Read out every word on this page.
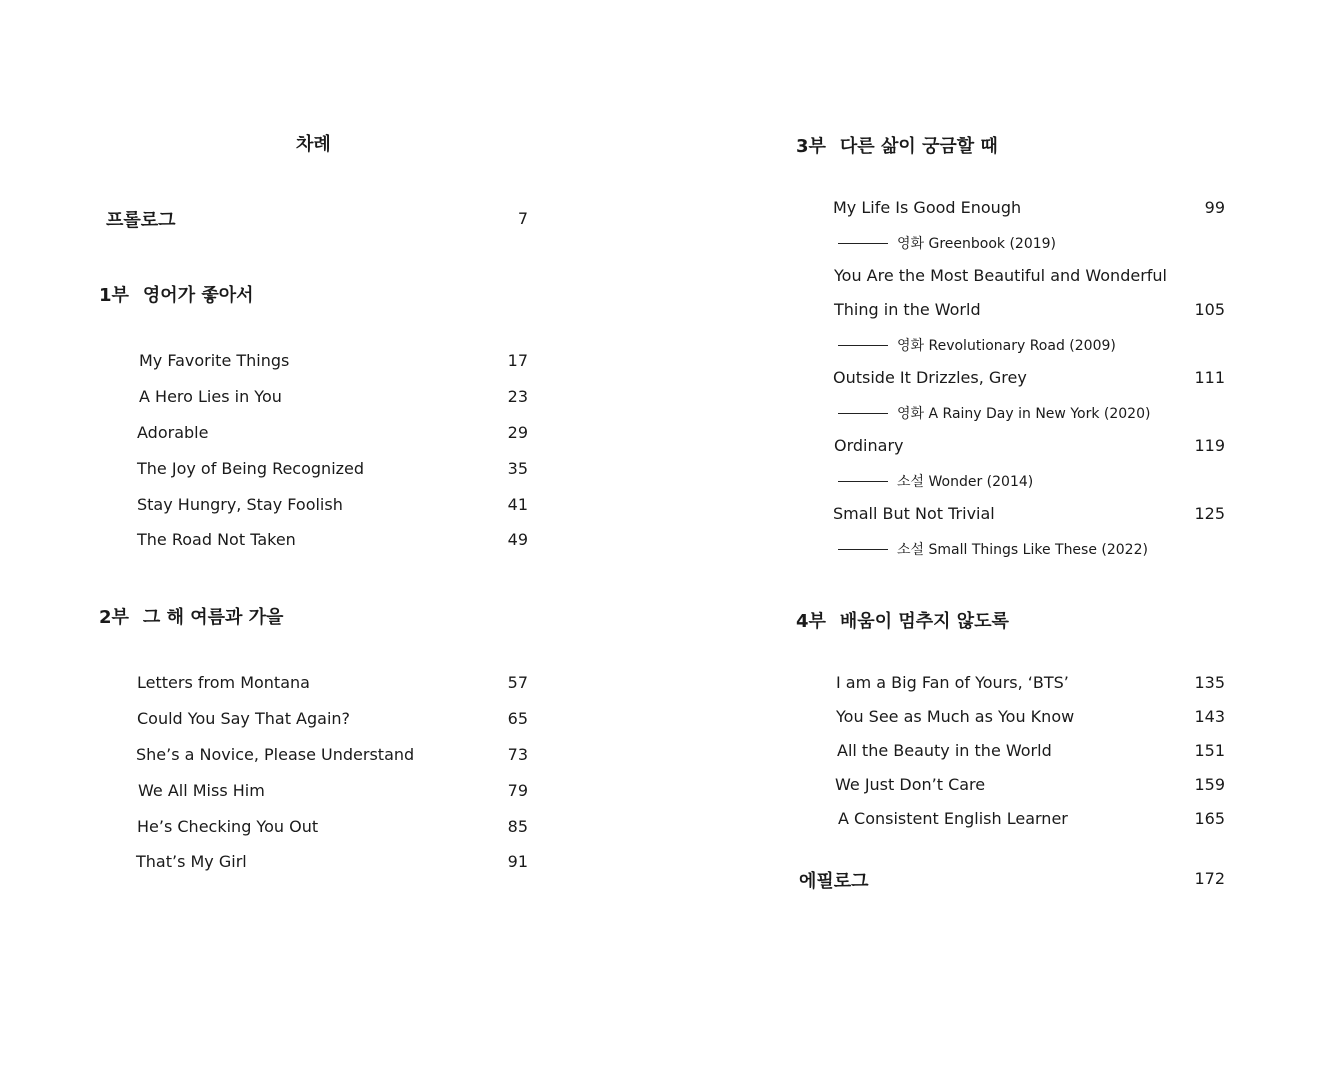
차례
프롤로그	7
1부 영어가 좋아서
My Favorite Things	17
A Hero Lies in You	23
Adorable	29
The Joy of Being Recognized	35
Stay Hungry, Stay Foolish	41
The Road Not Taken	49
2부 그 해 여름과 가을
Letters from Montana	57
Could You Say That Again?	65
She’s a Novice, Please Understand	73
We All Miss Him	79
He’s Checking You Out	85
That’s My Girl	91
3부 다른 삶이 궁금할 때
My Life Is Good Enough	99
영화 Greenbook (2019)
You Are the Most Beautiful and Wonderful
Thing in the World	105
영화 Revolutionary Road (2009)
Outside It Drizzles, Grey	111
영화 A Rainy Day in New York (2020)
Ordinary	119
소설 Wonder (2014)
Small But Not Trivial	125
소설 Small Things Like These (2022)
4부 배움이 멈추지 않도록
I am a Big Fan of Yours, ‘BTS’	135
You See as Much as You Know	143
All the Beauty in the World	151
We Just Don’t Care	159
A Consistent English Learner	165
에필로그	172
